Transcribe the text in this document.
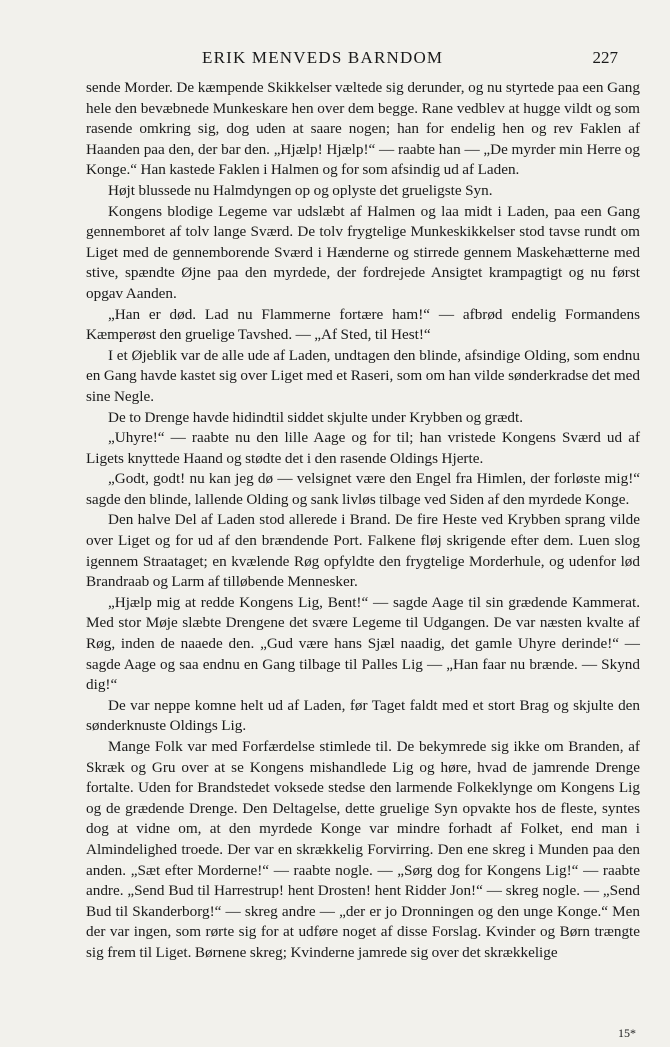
ERIK MENVEDS BARNDOM	227

sende Morder. De kæmpende Skikkelser væltede sig derunder, og nu styrtede paa een Gang hele den bevæbnede Munkeskare hen over dem begge. Rane vedblev at hugge vildt og som rasende omkring sig, dog uden at saare nogen; han for endelig hen og rev Faklen af Haanden paa den, der bar den. „Hjælp! Hjælp!“ — raabte han — „De myrder min Herre og Konge.“ Han kastede Faklen i Halmen og for som afsindig ud af Laden.

Højt blussede nu Halmdyngen op og oplyste det grueligste Syn.

Kongens blodige Legeme var udslæbt af Halmen og laa midt i Laden, paa een Gang gennemboret af tolv lange Sværd. De tolv frygtelige Munkeskikkelser stod tavse rundt om Liget med de gennemborende Sværd i Hænderne og stirrede gennem Maskehætterne med stive, spændte Øjne paa den myrdede, der fordrejede Ansigtet krampagtigt og nu først opgav Aanden.

„Han er død. Lad nu Flammerne fortære ham!“ — afbrød endelig Formandens Kæmperøst den gruelige Tavshed. — „Af Sted, til Hest!“

I et Øjeblik var de alle ude af Laden, undtagen den blinde, afsindige Olding, som endnu en Gang havde kastet sig over Liget med et Raseri, som om han vilde sønderkradse det med sine Negle.

De to Drenge havde hidindtil siddet skjulte under Krybben og grædt.

„Uhyre!“ — raabte nu den lille Aage og for til; han vristede Kongens Sværd ud af Ligets knyttede Haand og stødte det i den rasende Oldings Hjerte.

„Godt, godt! nu kan jeg dø — velsignet være den Engel fra Himlen, der forløste mig!“ sagde den blinde, lallende Olding og sank livløs tilbage ved Siden af den myrdede Konge.

Den halve Del af Laden stod allerede i Brand. De fire Heste ved Krybben sprang vilde over Liget og for ud af den brændende Port. Falkene fløj skrigende efter dem. Luen slog igennem Straataget; en kvælende Røg opfyldte den frygtelige Morderhule, og udenfor lød Brandraab og Larm af tilløbende Mennesker.

„Hjælp mig at redde Kongens Lig, Bent!“ — sagde Aage til sin grædende Kammerat. Med stor Møje slæbte Drengene det svære Legeme til Udgangen. De var næsten kvalte af Røg, inden de naaede den. „Gud være hans Sjæl naadig, det gamle Uhyre derinde!“ — sagde Aage og saa endnu en Gang tilbage til Palles Lig — „Han faar nu brænde. — Skynd dig!“

De var neppe komne helt ud af Laden, før Taget faldt med et stort Brag og skjulte den sønderknuste Oldings Lig.

Mange Folk var med Forfærdelse stimlede til. De bekymrede sig ikke om Branden, af Skræk og Gru over at se Kongens mishandlede Lig og høre, hvad de jamrende Drenge fortalte. Uden for Brandstedet voksede stedse den larmende Folkeklynge om Kongens Lig og de grædende Drenge. Den Deltagelse, dette gruelige Syn opvakte hos de fleste, syntes dog at vidne om, at den myrdede Konge var mindre forhadt af Folket, end man i Almindelighed troede. Der var en skrækkelig Forvirring. Den ene skreg i Munden paa den anden. „Sæt efter Morderne!“ — raabte nogle. — „Sørg dog for Kongens Lig!“ — raabte andre. „Send Bud til Harrestrup! hent Drosten! hent Ridder Jon!“ — skreg nogle. — „Send Bud til Skanderborg!“ — skreg andre — „der er jo Dronningen og den unge Konge.“ Men der var ingen, som rørte sig for at udføre noget af disse Forslag. Kvinder og Børn trængte sig frem til Liget. Børnene skreg; Kvinderne jamrede sig over det skrækkelige

15*
